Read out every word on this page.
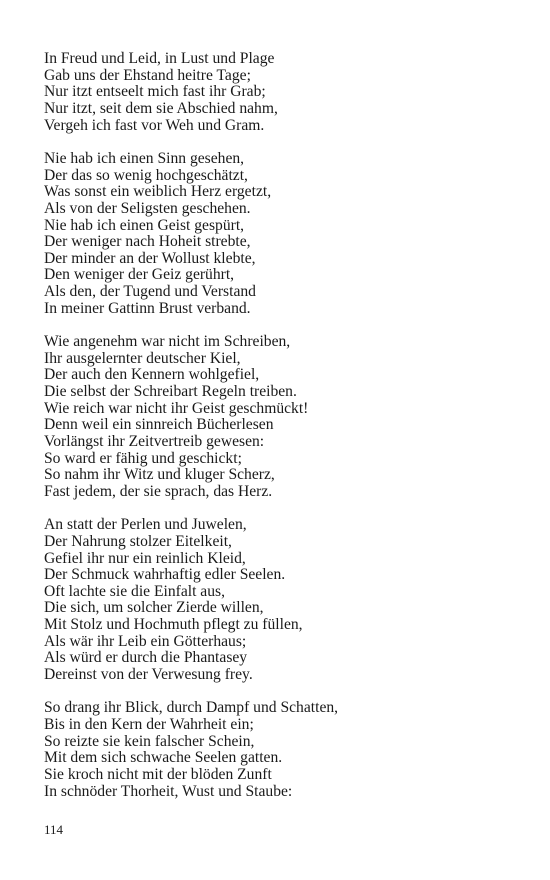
In Freud und Leid, in Lust und Plage
Gab uns der Ehstand heitre Tage;
Nur itzt entseelt mich fast ihr Grab;
Nur itzt, seit dem sie Abschied nahm,
Vergeh ich fast vor Weh und Gram.
Nie hab ich einen Sinn gesehen,
Der das so wenig hochgeschätzt,
Was sonst ein weiblich Herz ergetzt,
Als von der Seligsten geschehen.
Nie hab ich einen Geist gespürt,
Der weniger nach Hoheit strebte,
Der minder an der Wollust klebte,
Den weniger der Geiz gerührt,
Als den, der Tugend und Verstand
In meiner Gattinn Brust verband.
Wie angenehm war nicht im Schreiben,
Ihr ausgelernter deutscher Kiel,
Der auch den Kennern wohlgefiel,
Die selbst der Schreibart Regeln treiben.
Wie reich war nicht ihr Geist geschmückt!
Denn weil ein sinnreich Bücherlesen
Vorlängst ihr Zeitvertreib gewesen:
So ward er fähig und geschickt;
So nahm ihr Witz und kluger Scherz,
Fast jedem, der sie sprach, das Herz.
An statt der Perlen und Juwelen,
Der Nahrung stolzer Eitelkeit,
Gefiel ihr nur ein reinlich Kleid,
Der Schmuck wahrhaftig edler Seelen.
Oft lachte sie die Einfalt aus,
Die sich, um solcher Zierde willen,
Mit Stolz und Hochmuth pflegt zu füllen,
Als wär ihr Leib ein Götterhaus;
Als würd er durch die Phantasey
Dereinst von der Verwesung frey.
So drang ihr Blick, durch Dampf und Schatten,
Bis in den Kern der Wahrheit ein;
So reizte sie kein falscher Schein,
Mit dem sich schwache Seelen gatten.
Sie kroch nicht mit der blöden Zunft
In schnöder Thorheit, Wust und Staube:
114
